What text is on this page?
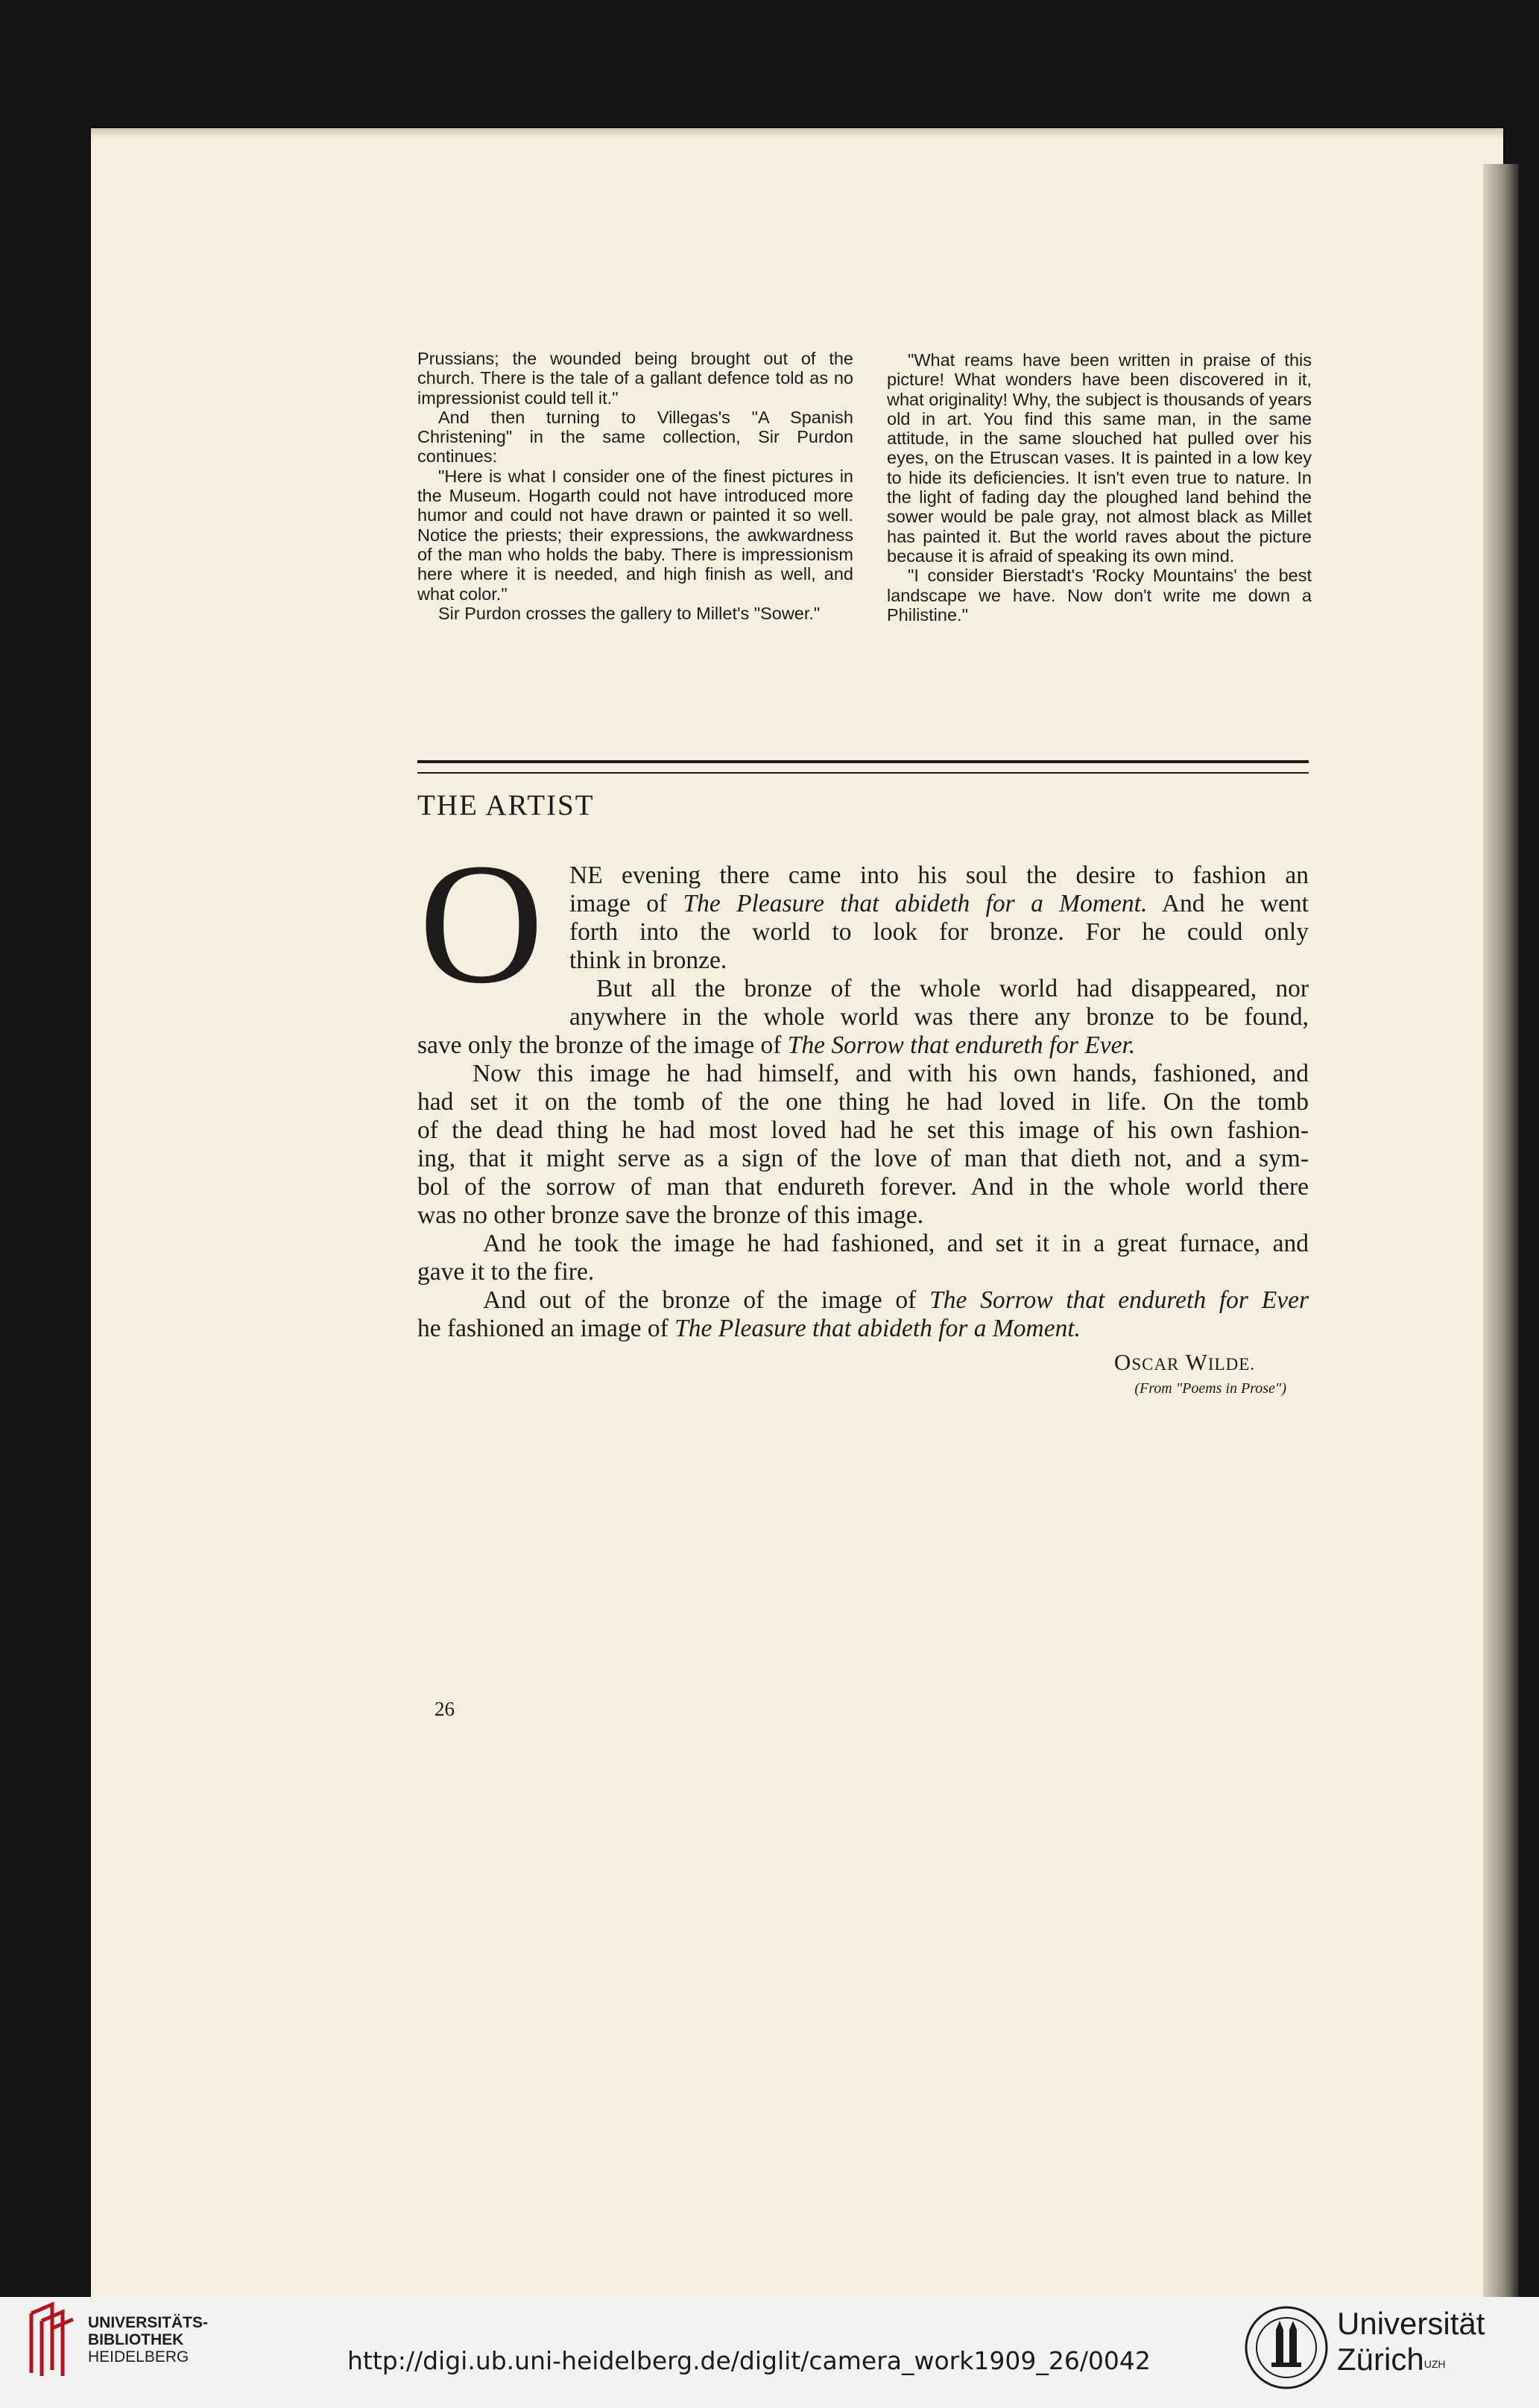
Prussians; the wounded being brought out of the church. There is the tale of a gallant defence told as no impressionist could tell it."

And then turning to Villegas's "A Spanish Christening" in the same collection, Sir Purdon continues:

"Here is what I consider one of the finest pictures in the Museum. Hogarth could not have introduced more humor and could not have drawn or painted it so well. Notice the priests; their expressions, the awkwardness of the man who holds the baby. There is impressionism here where it is needed, and high finish as well, and what color."

Sir Purdon crosses the gallery to Millet's "Sower."

"What reams have been written in praise of this picture! What wonders have been discovered in it, what originality! Why, the subject is thousands of years old in art. You find this same man, in the same attitude, in the same slouched hat pulled over his eyes, on the Etruscan vases. It is painted in a low key to hide its deficiencies. It isn't even true to nature. In the light of fading day the ploughed land behind the sower would be pale gray, not almost black as Millet has painted it. But the world raves about the picture because it is afraid of speaking its own mind.

"I consider Bierstadt's 'Rocky Mountains' the best landscape we have. Now don't write me down a Philistine."

THE ARTIST
O NE evening there came into his soul the desire to fashion an
image of The Pleasure that abideth for a Moment. And he went
forth into the world to look for bronze. For he could only
think in bronze.
But all the bronze of the whole world had disappeared, nor
anywhere in the whole world was there any bronze to be found,
save only the bronze of the image of The Sorrow that endureth for Ever.
Now this image he had himself, and with his own hands, fashioned, and
had set it on the tomb of the one thing he had loved in life. On the tomb
of the dead thing he had most loved had he set this image of his own fashion-
ing, that it might serve as a sign of the love of man that dieth not, and a sym-
bol of the sorrow of man that endureth forever. And in the whole world there
was no other bronze save the bronze of this image.
And he took the image he had fashioned, and set it in a great furnace, and
gave it to the fire.
And out of the bronze of the image of The Sorrow that endureth for Ever
he fashioned an image of The Pleasure that abideth for a Moment.
OSCAR WILDE.
(From "Poems in Prose")
26
UNIVERSITÄTS-
BIBLIOTHEK
HEIDELBERG	http://digi.ub.uni-heidelberg.de/diglit/camera_work1909_26/0042
Universität
Zürich$^{UZH}$
